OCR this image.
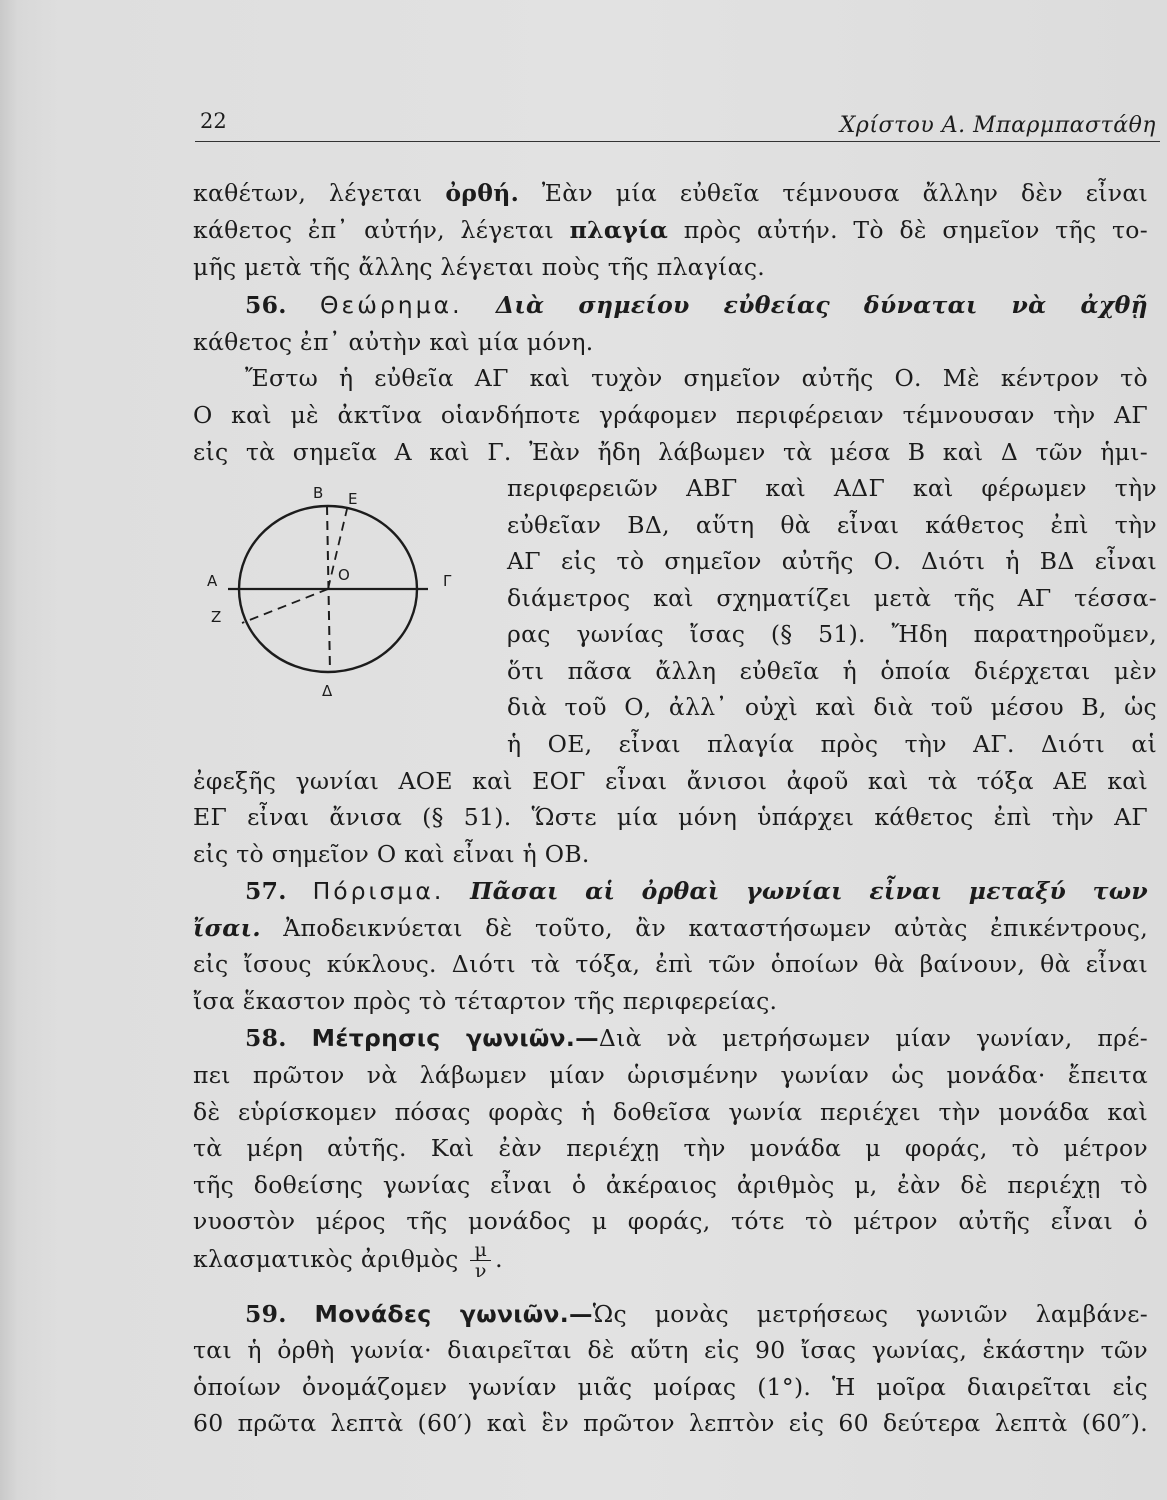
22	Χρίστου Α. Μπαρμπαστάθη
καθέτων, λέγεται ὀρθή. Ἐὰν μία εὐθεῖα τέμνουσα ἄλλην δὲν εἶναι
κάθετος ἐπ᾽ αὐτήν, λέγεται πλαγία πρὸς αὐτήν. Τὸ δὲ σημεῖον τῆς το-
μῆς μετὰ τῆς ἄλλης λέγεται ποὺς τῆς πλαγίας.
56. Θεώρημα. Διὰ σημείου εὐθείας δύναται νὰ ἀχθῇ
κάθετος ἐπ᾽ αὐτὴν καὶ μία μόνη.
Ἔστω ἡ εὐθεῖα ΑΓ καὶ τυχὸν σημεῖον αὐτῆς Ο. Μὲ κέντρον τὸ
Ο καὶ μὲ ἀκτῖνα οἱανδήποτε γράφομεν περιφέρειαν τέμνουσαν τὴν ΑΓ
εἰς τὰ σημεῖα Α καὶ Γ. Ἐὰν ἤδη λάβωμεν τὰ μέσα Β καὶ Δ τῶν ἡμι-
περιφερειῶν ΑΒΓ καὶ ΑΔΓ καὶ φέρωμεν τὴν
εὐθεῖαν ΒΔ, αὕτη θὰ εἶναι κάθετος ἐπὶ τὴν
ΑΓ εἰς τὸ σημεῖον αὐτῆς Ο. Διότι ἡ ΒΔ εἶναι
διάμετρος καὶ σχηματίζει μετὰ τῆς ΑΓ τέσσα-
ρας γωνίας ἴσας (§ 51). Ἤδη παρατηροῦμεν,
ὅτι πᾶσα ἄλλη εὐθεῖα ἡ ὁποία διέρχεται μὲν
διὰ τοῦ Ο, ἀλλ᾽ οὐχὶ καὶ διὰ τοῦ μέσου Β, ὡς
ἡ ΟΕ, εἶναι πλαγία πρὸς τὴν ΑΓ. Διότι αἱ
ἐφεξῆς γωνίαι ΑΟΕ καὶ ΕΟΓ εἶναι ἄνισοι ἀφοῦ καὶ τὰ τόξα ΑΕ καὶ
ΕΓ εἶναι ἄνισα (§ 51). Ὥστε μία μόνη ὑπάρχει κάθετος ἐπὶ τὴν ΑΓ
εἰς τὸ σημεῖον Ο καὶ εἶναι ἡ ΟΒ.
B E
A	Γ
O
Z
Δ
57. Πόρισμα. Πᾶσαι αἱ ὀρθαὶ γωνίαι εἶναι μεταξύ των
ἴσαι. Ἀποδεικνύεται δὲ τοῦτο, ἂν καταστήσωμεν αὐτὰς ἐπικέντρους,
εἰς ἴσους κύκλους. Διότι τὰ τόξα, ἐπὶ τῶν ὁποίων θὰ βαίνουν, θὰ εἶναι
ἴσα ἕκαστον πρὸς τὸ τέταρτον τῆς περιφερείας.
58. Μέτρησις γωνιῶν.—Διὰ νὰ μετρήσωμεν μίαν γωνίαν, πρέ-
πει πρῶτον νὰ λάβωμεν μίαν ὡρισμένην γωνίαν ὡς μονάδα· ἔπειτα
δὲ εὑρίσκομεν πόσας φορὰς ἡ δοθεῖσα γωνία περιέχει τὴν μονάδα καὶ
τὰ μέρη αὐτῆς. Καὶ ἐὰν περιέχῃ τὴν μονάδα μ φοράς, τὸ μέτρον
τῆς δοθείσης γωνίας εἶναι ὁ ἀκέραιος ἀριθμὸς μ, ἐὰν δὲ περιέχῃ τὸ
νυοστὸν μέρος τῆς μονάδος μ φοράς, τότε τὸ μέτρον αὐτῆς εἶναι ὁ
κλασματικὸς ἀριθμὸς $\frac{\mu}{\nu}$ .
59. Μονάδες γωνιῶν.—Ὡς μονὰς μετρήσεως γωνιῶν λαμβάνε-
ται ἡ ὀρθὴ γωνία· διαιρεῖται δὲ αὕτη εἰς 90 ἴσας γωνίας, ἑκάστην τῶν
ὁποίων ὀνομάζομεν γωνίαν μιᾶς μοίρας (1°). Ἡ μοῖρα διαιρεῖται εἰς
60 πρῶτα λεπτὰ (60′) καὶ ἓν πρῶτον λεπτὸν εἰς 60 δεύτερα λεπτὰ (60″).
